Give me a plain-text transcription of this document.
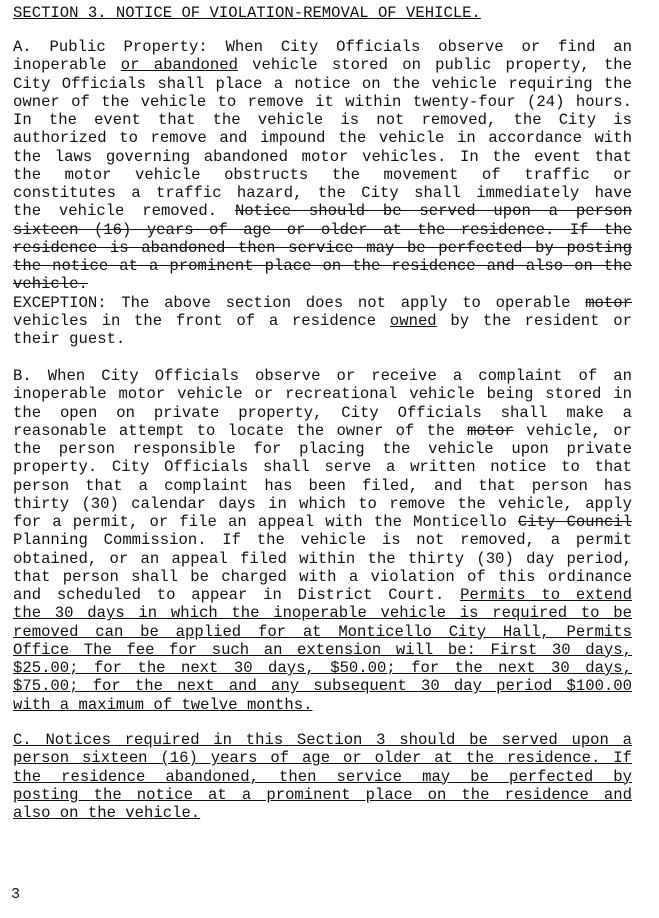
SECTION 3. NOTICE OF VIOLATION-REMOVAL OF VEHICLE.
A. Public Property: When City Officials observe or find an
inoperable or abandoned vehicle stored on public property, the
City Officials shall place a notice on the vehicle requiring the
owner of the vehicle to remove it within twenty-four (24) hours.
In the event that the vehicle is not removed, the City is
authorized to remove and impound the vehicle in accordance with
the laws governing abandoned motor vehicles. In the event that
the motor vehicle obstructs the movement of traffic or
constitutes a traffic hazard, the City shall immediately have
the vehicle removed. Notice should be served upon a person
sixteen (16) years of age or older at the residence. If the
residence is abandoned then service may be perfected by posting
the notice at a prominent place on the residence and also on the
vehicle.
EXCEPTION: The above section does not apply to operable motor
vehicles in the front of a residence owned by the resident or
their guest.
B. When City Officials observe or receive a complaint of an
inoperable motor vehicle or recreational vehicle being stored in
the open on private property, City Officials shall make a
reasonable attempt to locate the owner of the motor vehicle, or
the person responsible for placing the vehicle upon private
property. City Officials shall serve a written notice to that
person that a complaint has been filed, and that person has
thirty (30) calendar days in which to remove the vehicle, apply
for a permit, or file an appeal with the Monticello City Council
Planning Commission. If the vehicle is not removed, a permit
obtained, or an appeal filed within the thirty (30) day period,
that person shall be charged with a violation of this ordinance
and scheduled to appear in District Court. Permits to extend
the 30 days in which the inoperable vehicle is required to be
removed can be applied for at Monticello City Hall, Permits
Office The fee for such an extension will be: First 30 days,
$25.00; for the next 30 days, $50.00; for the next 30 days,
$75.00; for the next and any subsequent 30 day period $100.00
with a maximum of twelve months.
C. Notices required in this Section 3 should be served upon a
person sixteen (16) years of age or older at the residence. If
the residence abandoned, then service may be perfected by
posting the notice at a prominent place on the residence and
also on the vehicle.
3
